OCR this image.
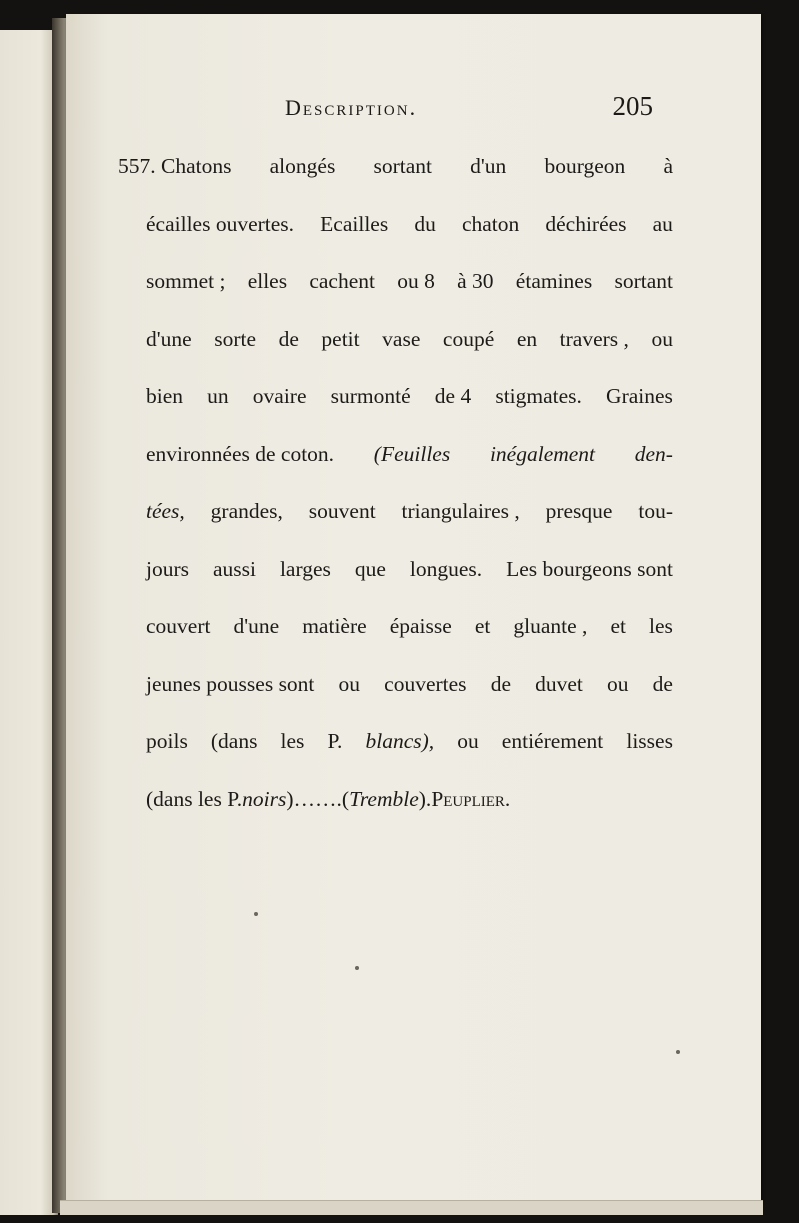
Description.	205
557. Chatons alongés sortant d'un bourgeon à
écailles ouvertes. Ecailles du chaton déchirées au
sommet ; elles cachent ou 8 à 30 étamines sortant
d'une sorte de petit vase coupé en travers , ou
bien un ovaire surmonté de 4 stigmates. Graines
environnées de coton. (Feuilles inégalement den-
tées, grandes, souvent triangulaires , presque tou-
jours aussi larges que longues. Les bourgeons sont
couvert d'une matière épaisse et gluante , et les
jeunes pousses sont ou couvertes de duvet ou de
poils (dans les P. blancs), ou entiérement lisses
(dans les P. noirs )…….( Tremble ). Peuplier.
